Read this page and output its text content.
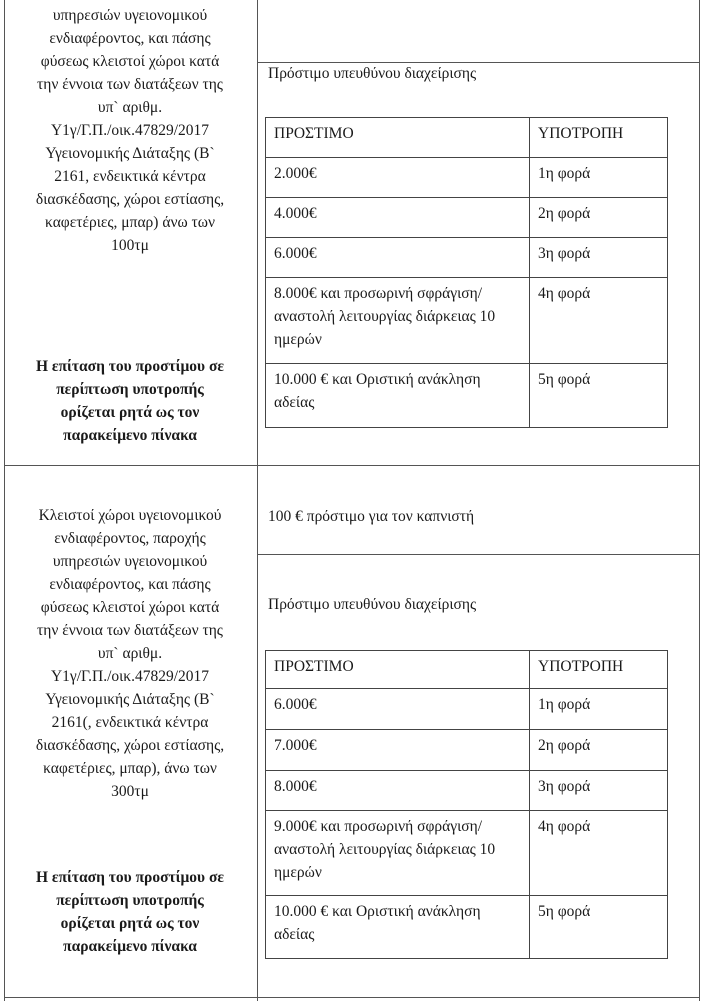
υπηρεσιών υγειονομικού
ενδιαφέροντος, και πάσης
φύσεως κλειστοί χώροι κατά
την έννοια των διατάξεων της
υπ` αριθμ.
Υ1γ/Γ.Π./οικ.47829/2017
Υγειονομικής Διάταξης (Β`
2161, ενδεικτικά κέντρα
διασκέδασης, χώροι εστίασης,
καφετέριες, μπαρ) άνω των
100τμ
Η επίταση του προστίμου σε
περίπτωση υποτροπής
ορίζεται ρητά ως τον
παρακείμενο πίνακα
Πρόστιμο υπευθύνου διαχείρισης
ΠΡΟΣΤΙΜΟ	ΥΠΟΤΡΟΠΗ
2.000€	1η φορά
4.000€	2η φορά
6.000€	3η φορά
8.000€ και προσωρινή σφράγιση/αναστολή λειτουργίας διάρκειας 10 ημερών	4η φορά
10.000 € και Οριστική ανάκληση αδείας	5η φορά
Κλειστοί χώροι υγειονομικού
ενδιαφέροντος, παροχής
υπηρεσιών υγειονομικού
ενδιαφέροντος, και πάσης
φύσεως κλειστοί χώροι κατά
την έννοια των διατάξεων της
υπ` αριθμ.
Υ1γ/Γ.Π./οικ.47829/2017
Υγειονομικής Διάταξης (Β`
2161(, ενδεικτικά κέντρα
διασκέδασης, χώροι εστίασης,
καφετέριες, μπαρ), άνω των
300τμ
Η επίταση του προστίμου σε
περίπτωση υποτροπής
ορίζεται ρητά ως τον
παρακείμενο πίνακα
100 € πρόστιμο για τον καπνιστή
Πρόστιμο υπευθύνου διαχείρισης
ΠΡΟΣΤΙΜΟ	ΥΠΟΤΡΟΠΗ
6.000€	1η φορά
7.000€	2η φορά
8.000€	3η φορά
9.000€ και προσωρινή σφράγιση/αναστολή λειτουργίας διάρκειας 10 ημερών	4η φορά
10.000 € και Οριστική ανάκληση αδείας	5η φορά
